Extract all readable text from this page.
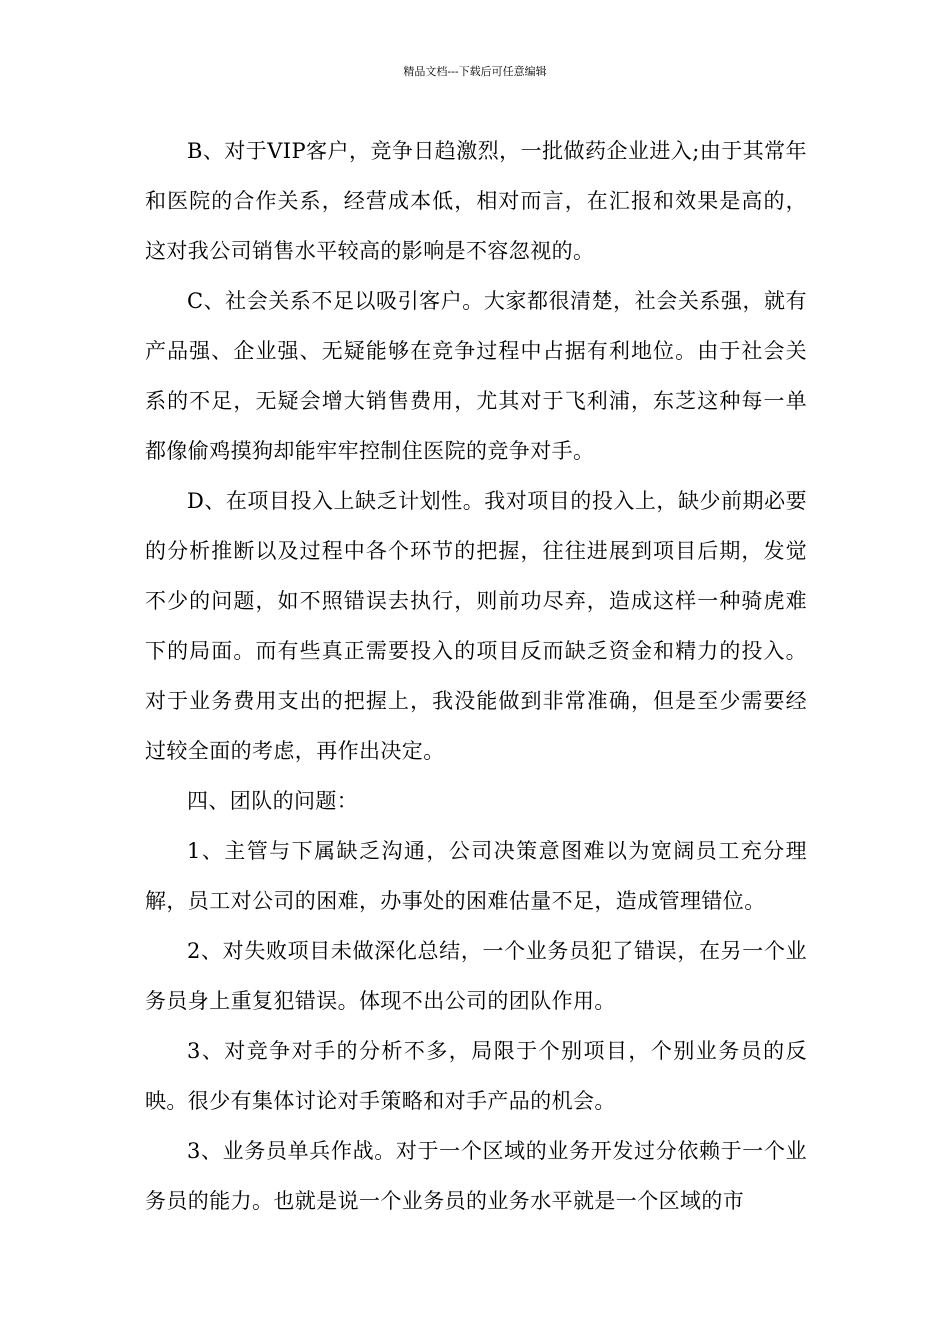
精品文档---下载后可任意编辑

B、对于VIP客户，竞争日趋激烈，一批做药企业进入;由于其常年和医院的合作关系，经营成本低，相对而言，在汇报和效果是高的，这对我公司销售水平较高的影响是不容忽视的。

C、社会关系不足以吸引客户。大家都很清楚，社会关系强，就有产品强、企业强、无疑能够在竞争过程中占据有利地位。由于社会关系的不足，无疑会增大销售费用，尤其对于飞利浦，东芝这种每一单都像偷鸡摸狗却能牢牢控制住医院的竞争对手。

D、在项目投入上缺乏计划性。我对项目的投入上，缺少前期必要的分析推断以及过程中各个环节的把握，往往进展到项目后期，发觉不少的问题，如不照错误去执行，则前功尽弃，造成这样一种骑虎难下的局面。而有些真正需要投入的项目反而缺乏资金和精力的投入。对于业务费用支出的把握上，我没能做到非常准确，但是至少需要经过较全面的考虑，再作出决定。

四、团队的问题：

1、主管与下属缺乏沟通，公司决策意图难以为宽阔员工充分理解，员工对公司的困难，办事处的困难估量不足，造成管理错位。

2、对失败项目未做深化总结，一个业务员犯了错误，在另一个业务员身上重复犯错误。体现不出公司的团队作用。

3、对竞争对手的分析不多，局限于个别项目，个别业务员的反映。很少有集体讨论对手策略和对手产品的机会。

3、业务员单兵作战。对于一个区域的业务开发过分依赖于一个业务员的能力。也就是说一个业务员的业务水平就是一个区域的市
